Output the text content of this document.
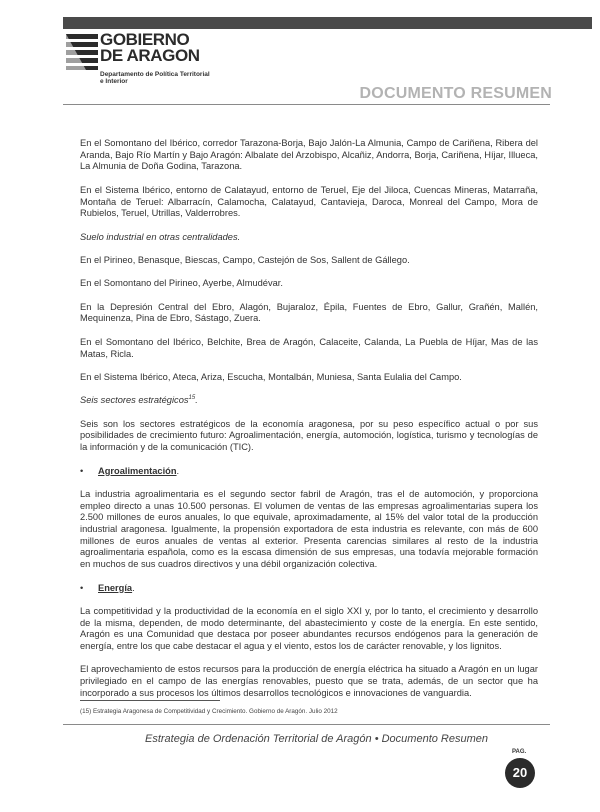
GOBIERNO
DE ARAGON
Departamento de Política Territorial
e Interior
DOCUMENTO RESUMEN

En el Somontano del Ibérico, corredor Tarazona-Borja, Bajo Jalón-La Almunia, Campo de Cariñena, Ribera del Aranda, Bajo Río Martín y Bajo Aragón: Albalate del Arzobispo, Alcañiz, Andorra, Borja, Cariñena, Híjar, Illueca, La Almunia de Doña Godina, Tarazona.

En el Sistema Ibérico, entorno de Calatayud, entorno de Teruel, Eje del Jiloca, Cuencas Mineras, Matarraña, Montaña de Teruel: Albarracín, Calamocha, Calatayud, Cantavieja, Daroca, Monreal del Campo, Mora de Rubielos, Teruel, Utrillas, Valderrobres.

Suelo industrial en otras centralidades.

En el Pirineo, Benasque, Biescas, Campo, Castejón de Sos, Sallent de Gállego.

En el Somontano del Pirineo, Ayerbe, Almudévar.

En la Depresión Central del Ebro, Alagón, Bujaraloz, Épila, Fuentes de Ebro, Gallur, Grañén, Mallén, Mequinenza, Pina de Ebro, Sástago, Zuera.

En el Somontano del Ibérico, Belchite, Brea de Aragón, Calaceite, Calanda, La Puebla de Híjar, Mas de las Matas, Ricla.

En el Sistema Ibérico, Ateca, Ariza, Escucha, Montalbán, Muniesa, Santa Eulalia del Campo.

Seis sectores estratégicos$^{15}$.

Seis son los sectores estratégicos de la economía aragonesa, por su peso específico actual o por sus posibilidades de crecimiento futuro: Agroalimentación, energía, automoción, logística, turismo y tecnologías de la información y de la comunicación (TIC).

•	Agroalimentación.

La industria agroalimentaria es el segundo sector fabril de Aragón, tras el de automoción, y proporciona empleo directo a unas 10.500 personas. El volumen de ventas de las empresas agroalimentarias supera los 2.500 millones de euros anuales, lo que equivale, aproximadamente, al 15% del valor total de la producción industrial aragonesa. Igualmente, la propensión exportadora de esta industria es relevante, con más de 600 millones de euros anuales de ventas al exterior. Presenta carencias similares al resto de la industria agroalimentaria española, como es la escasa dimensión de sus empresas, una todavía mejorable formación en muchos de sus cuadros directivos y una débil organización colectiva.

•	Energía.

La competitividad y la productividad de la economía en el siglo XXI y, por lo tanto, el crecimiento y desarrollo de la misma, dependen, de modo determinante, del abastecimiento y coste de la energía. En este sentido, Aragón es una Comunidad que destaca por poseer abundantes recursos endógenos para la generación de energía, entre los que cabe destacar el agua y el viento, estos los de carácter renovable, y los lignitos.

El aprovechamiento de estos recursos para la producción de energía eléctrica ha situado a Aragón en un lugar privilegiado en el campo de las energías renovables, puesto que se trata, además, de un sector que ha incorporado a sus procesos los últimos desarrollos tecnológicos e innovaciones de vanguardia.

(15) Estrategia Aragonesa de Competitividad y Crecimiento. Gobierno de Aragón. Julio 2012
Estrategia de Ordenación Territorial de Aragón • Documento Resumen
PAG.
20
